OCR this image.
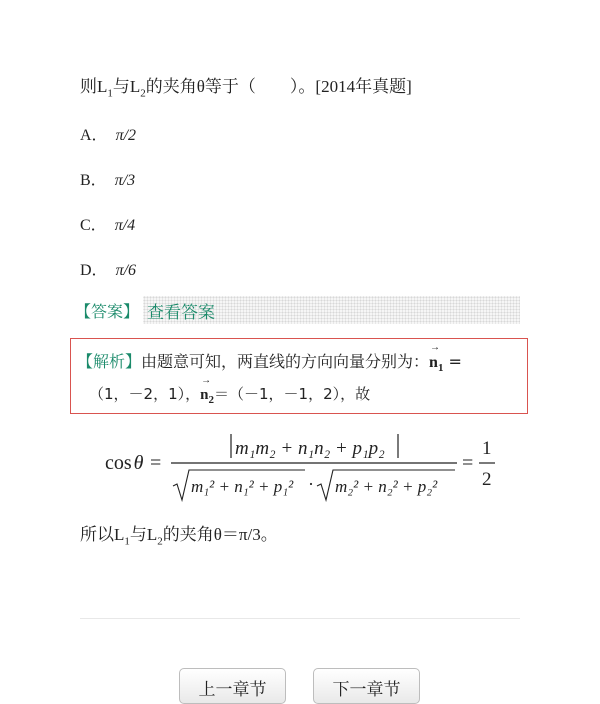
则$L_1$与$L_2$的夹角θ等于（　　）。[2014年真题]
A． π/2
B． π/3
C． π/4
D． π/6
【答案】 查看答案
【解析】由题意可知，两直线的方向向量分别为：
→
$n_1$ =
（1，－2，1），
→
$n_2=(-1$，－1，2），故
cos θ =
m₁m₂ + n₁n₂ + p₁p₂
m₁² + n₁² + p₁² · m₂² + n₂² + p₂²
=
1
2
所以$L_1$与$L_2$的夹角θ＝π/3。
上一章节	下一章节
